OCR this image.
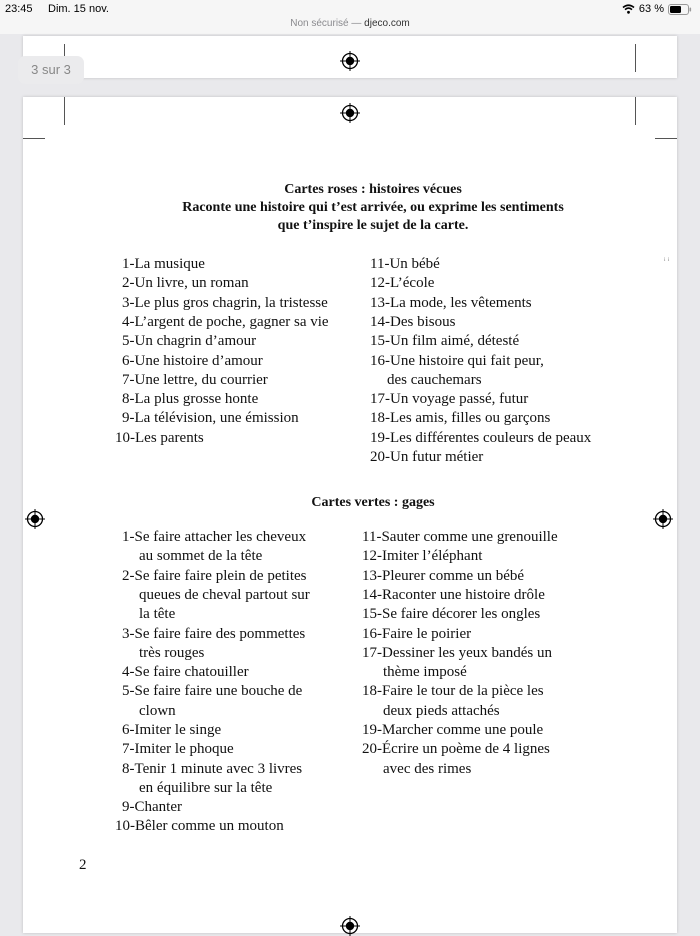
23:45 Dim. 15 nov.	63 %
Non sécurisé — djeco.com
3 sur 3
ᵢ ᵢ
Cartes roses : histoires vécues
Raconte une histoire qui t’est arrivée, ou exprime les sentiments
que t’inspire le sujet de la carte.
1-La musique
2-Un livre, un roman
3-Le plus gros chagrin, la tristesse
4-L’argent de poche, gagner sa vie
5-Un chagrin d’amour
6-Une histoire d’amour
7-Une lettre, du courrier
8-La plus grosse honte
9-La télévision, une émission
10-Les parents
11-Un bébé
12-L’école
13-La mode, les vêtements
14-Des bisous
15-Un film aimé, détesté
16-Une histoire qui fait peur,
des cauchemars
17-Un voyage passé, futur
18-Les amis, filles ou garçons
19-Les différentes couleurs de peaux
20-Un futur métier
Cartes vertes : gages
1-Se faire attacher les cheveux
au sommet de la tête
2-Se faire faire plein de petites
queues de cheval partout sur
la tête
3-Se faire faire des pommettes
très rouges
4-Se faire chatouiller
5-Se faire faire une bouche de
clown
6-Imiter le singe
7-Imiter le phoque
8-Tenir 1 minute avec 3 livres
en équilibre sur la tête
9-Chanter
10-Bêler comme un mouton
11-Sauter comme une grenouille
12-Imiter l’éléphant
13-Pleurer comme un bébé
14-Raconter une histoire drôle
15-Se faire décorer les ongles
16-Faire le poirier
17-Dessiner les yeux bandés un
thème imposé
18-Faire le tour de la pièce les
deux pieds attachés
19-Marcher comme une poule
20-Écrire un poème de 4 lignes
avec des rimes
2
